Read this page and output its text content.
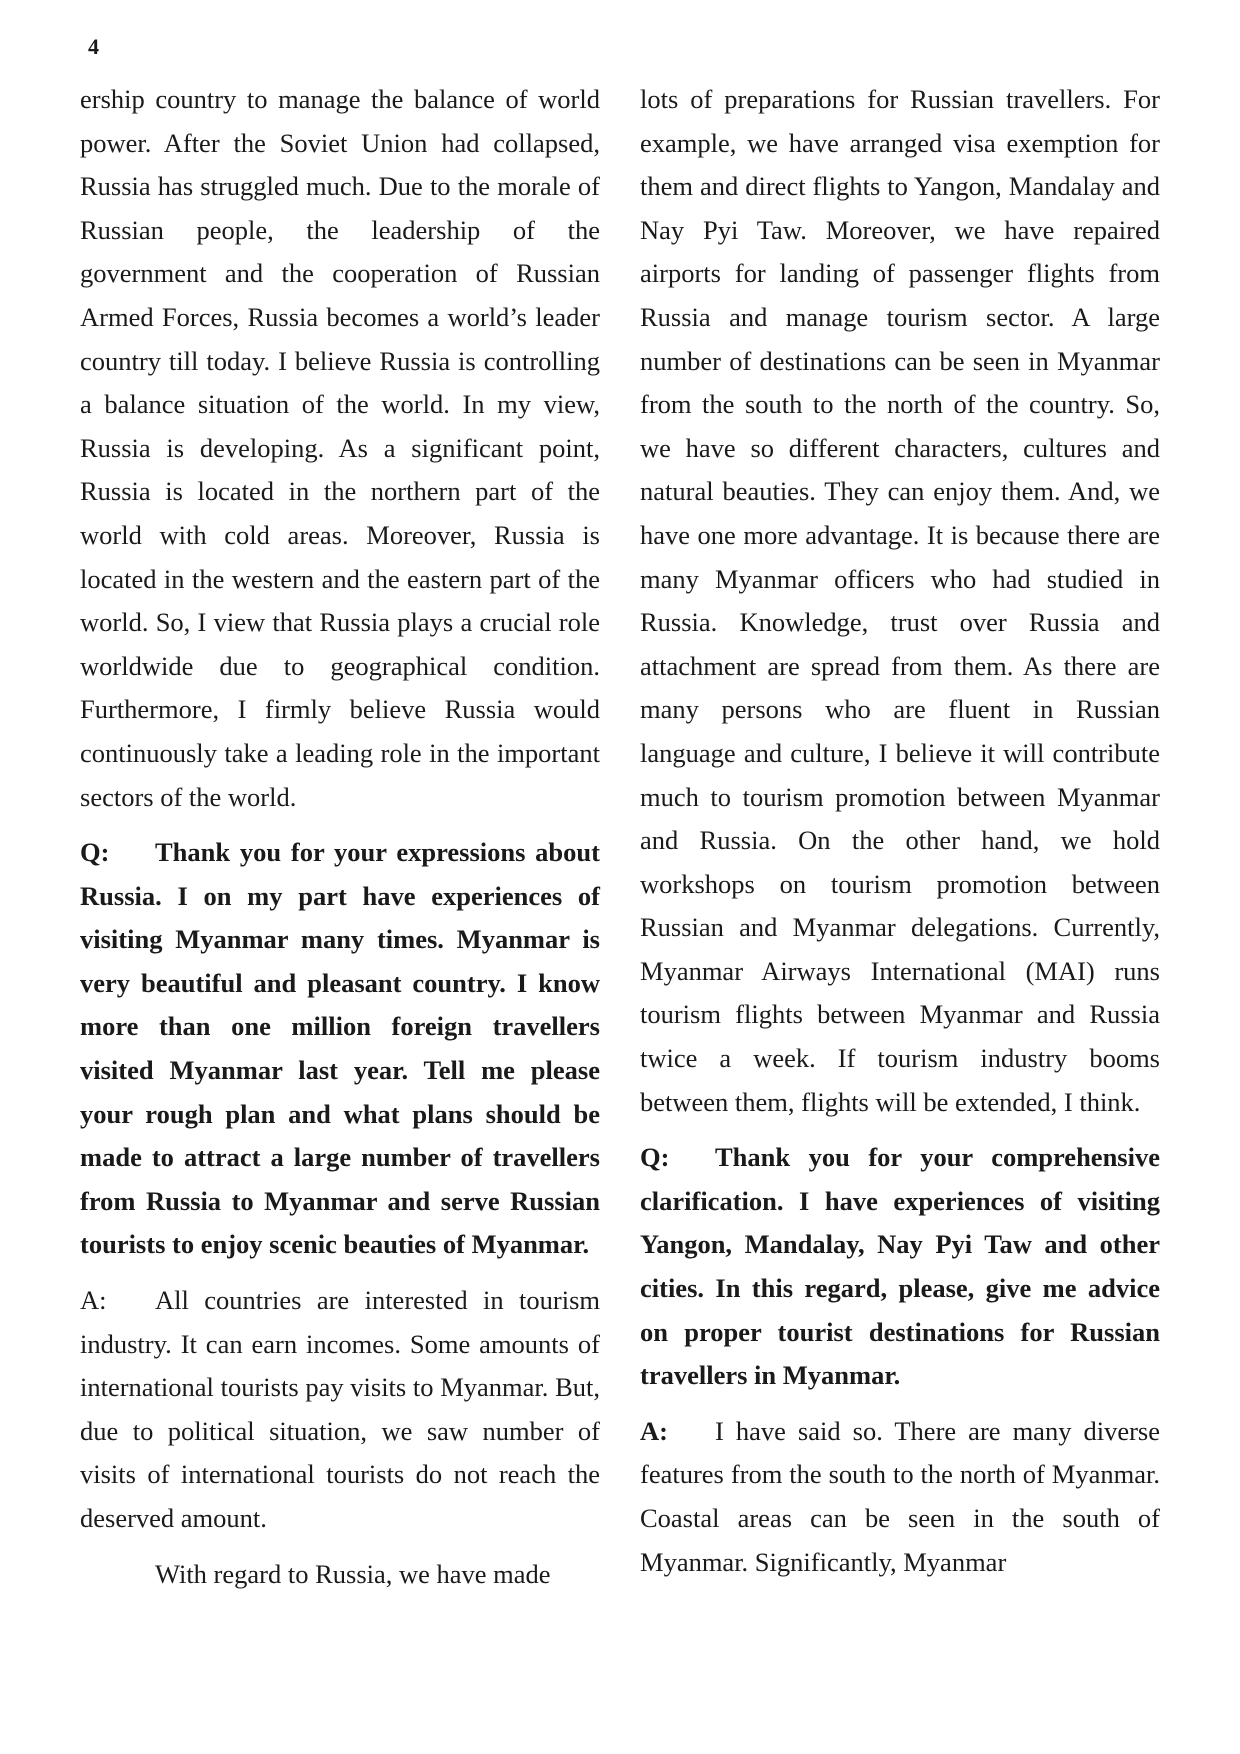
4

ership country to manage the balance of world power. After the Soviet Union had collapsed, Russia has struggled much. Due to the morale of Russian people, the leadership of the government and the cooperation of Russian Armed Forces, Russia becomes a world’s leader country till today. I believe Russia is controlling a balance situation of the world. In my view, Russia is developing. As a significant point, Russia is located in the northern part of the world with cold areas. Moreover, Russia is located in the western and the eastern part of the world. So, I view that Russia plays a crucial role worldwide due to geographical condition. Furthermore, I firmly believe Russia would continuously take a leading role in the important sectors of the world.

Q: Thank you for your expressions about Russia. I on my part have experiences of visiting Myanmar many times. Myanmar is very beautiful and pleasant country. I know more than one million foreign travellers visited Myanmar last year. Tell me please your rough plan and what plans should be made to attract a large number of travellers from Russia to Myanmar and serve Russian tourists to enjoy scenic beauties of Myanmar.

A: All countries are interested in tourism industry. It can earn incomes. Some amounts of international tourists pay visits to Myanmar. But, due to political situation, we saw number of visits of international tourists do not reach the deserved amount.

With regard to Russia, we have made

lots of preparations for Russian travellers. For example, we have arranged visa exemption for them and direct flights to Yangon, Mandalay and Nay Pyi Taw. Moreover, we have repaired airports for landing of passenger flights from Russia and manage tourism sector. A large number of destinations can be seen in Myanmar from the south to the north of the country. So, we have so different characters, cultures and natural beauties. They can enjoy them. And, we have one more advantage. It is because there are many Myanmar officers who had studied in Russia. Knowledge, trust over Russia and attachment are spread from them. As there are many persons who are fluent in Russian language and culture, I believe it will contribute much to tourism promotion between Myanmar and Russia. On the other hand, we hold workshops on tourism promotion between Russian and Myanmar delegations. Currently, Myanmar Airways International (MAI) runs tourism flights between Myanmar and Russia twice a week. If tourism industry booms between them, flights will be extended, I think.

Q: Thank you for your comprehensive clarification. I have experiences of visiting Yangon, Mandalay, Nay Pyi Taw and other cities. In this regard, please, give me advice on proper tourist destinations for Russian travellers in Myanmar.

A: I have said so. There are many diverse features from the south to the north of Myanmar. Coastal areas can be seen in the south of Myanmar. Significantly, Myanmar
